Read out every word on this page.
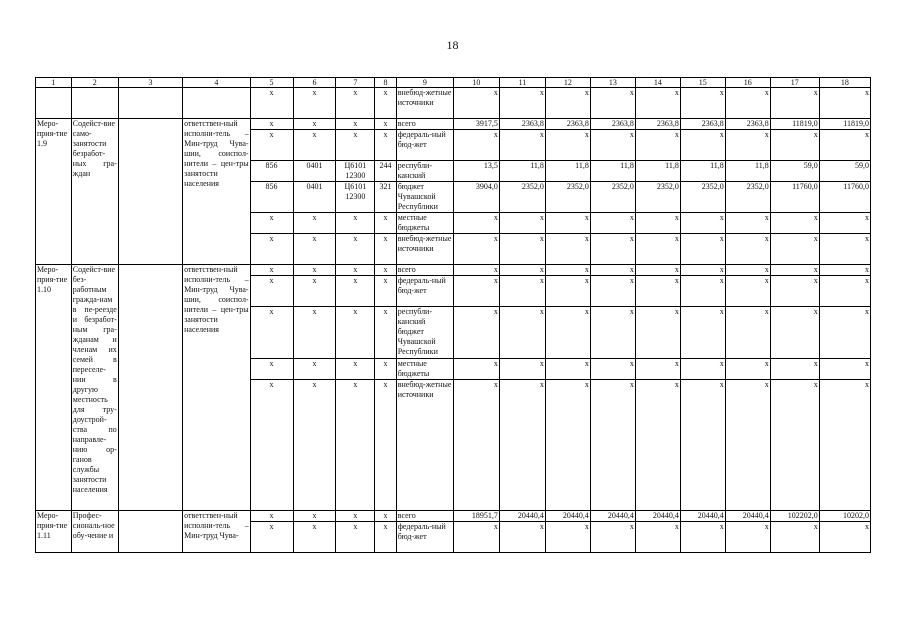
18
1	2	3	4	5	6	7	8	9	10	11	12	13	14	15	16	17	18
				x	x	x	x	внебюд-жетные источники	x	x	x	x	x	x	x	x	x
Меро-прия-тие 1.9	Содейст-вие само-занятости безработ-ных гра-ждан		ответствен-ный исполни-тель – Мин-труд Чува-шии, соиспол-нители – цен-тры занятости населения	x	x	x	x	всего	3917,5	2363,8	2363,8	2363,8	2363,8	2363,8	2363,8	11819,0	11819,0
				x	x	x	x	федераль-ный бюд-жет	x	x	x	x	x	x	x	x	x
				856	0401	Ц6101 12300	244	республи-канский	13,5	11,8	11,8	11,8	11,8	11,8	11,8	59,0	59,0
				856	0401	Ц6101 12300	321	бюджет Чувашской Республики	3904,0	2352,0	2352,0	2352,0	2352,0	2352,0	2352,0	11760,0	11760,0
				x	x	x	x	местные бюджеты	x	x	x	x	x	x	x	x	x
				x	x	x	x	внебюд-жетные источники	x	x	x	x	x	x	x	x	x
Меро-прия-тие 1.10	Содейст-вие без-работным гражда-нам в пе-реезде и безработ-ным гра-жданам и членам их семей в переселе-нии в другую местность для тру-доустрой-ства по направле-нию ор-ганов службы занятости населения		ответствен-ный исполни-тель – Мин-труд Чува-шии, соиспол-нители – цен-тры занятости населения	x	x	x	x	всего	x	x	x	x	x	x	x	x	x
				x	x	x	x	федераль-ный бюд-жет	x	x	x	x	x	x	x	x	x
				x	x	x	x	республи-канский бюджет Чувашской Республики	x	x	x	x	x	x	x	x	x
				x	x	x	x	местные бюджеты	x	x	x	x	x	x	x	x	x
				x	x	x	x	внебюд-жетные источники	x	x	x	x	x	x	x	x	x
Меро-прия-тие 1.11	Профес-сиональ-ное обу-чение и		ответствен-ный исполни-тель – Мин-труд Чува-	x	x	x	x	всего	18951,7	20440,4	20440,4	20440,4	20440,4	20440,4	20440,4	102202,0	10202,0
				x	x	x	x	федераль-ный бюд-жет	x	x	x	x	x	x	x	x	x
